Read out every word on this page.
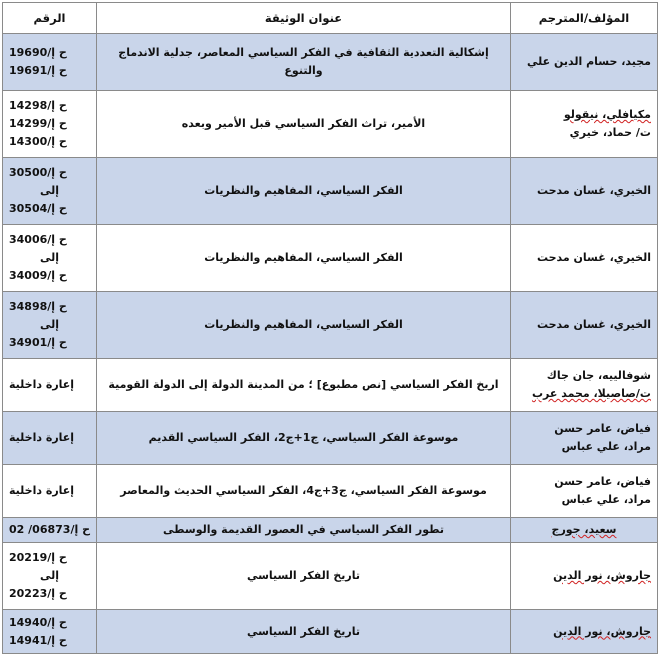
الرقم	عنوان الوثيقة	المؤلف/المترجم

ح إ/19690
ح إ/19691	إشكالية التعددية الثقافية في الفكر السياسي المعاصر، جدلية الاندماج والتنوع	مجيد، حسام الدين علي

ح إ/14298
ح إ/14299
ح إ/14300	الأمير، تراث الفكر السياسي قبل الأمير وبعده	مكيافلي، نيقولو
ت/ حماد، خيري

ح إ/30500
إلى
ح إ/30504	الفكر السياسي، المفاهيم والنظريات	الخيري، غسان مدحت

ح إ/34006
إلى
ح إ/34009	الفكر السياسي، المفاهيم والنظريات	الخيري، غسان مدحت

ح إ/34898
إلى
ح إ/34901	الفكر السياسي، المفاهيم والنظريات	الخيري، غسان مدحت

إعارة داخلية	اريخ الفكر السياسي [نص مطبوع] ؛ من المدينة الدولة إلى الدولة القومية	شوفالييه، جان جاك
ت/صاصيلا، محمد عرب

إعارة داخلية	موسوعة الفكر السياسي، ج1+ج2، الفكر السياسي القديم	فياض، عامر حسن
مراد، علي عباس

إعارة داخلية	موسوعة الفكر السياسي، ج3+ج4، الفكر السياسي الحديث والمعاصر	فياض، عامر حسن
مراد، علي عباس

ح إ/06873/ 02	تطور الفكر السياسي في العصور القديمة والوسطى	سعيد، جورج

ح إ/20219
إلى
ح إ/20223	تاريخ الفكر السياسي	جاروش، نور الدين

ح إ/14940
ح إ/14941	تاريخ الفكر السياسي	جاروش، نور الدين
